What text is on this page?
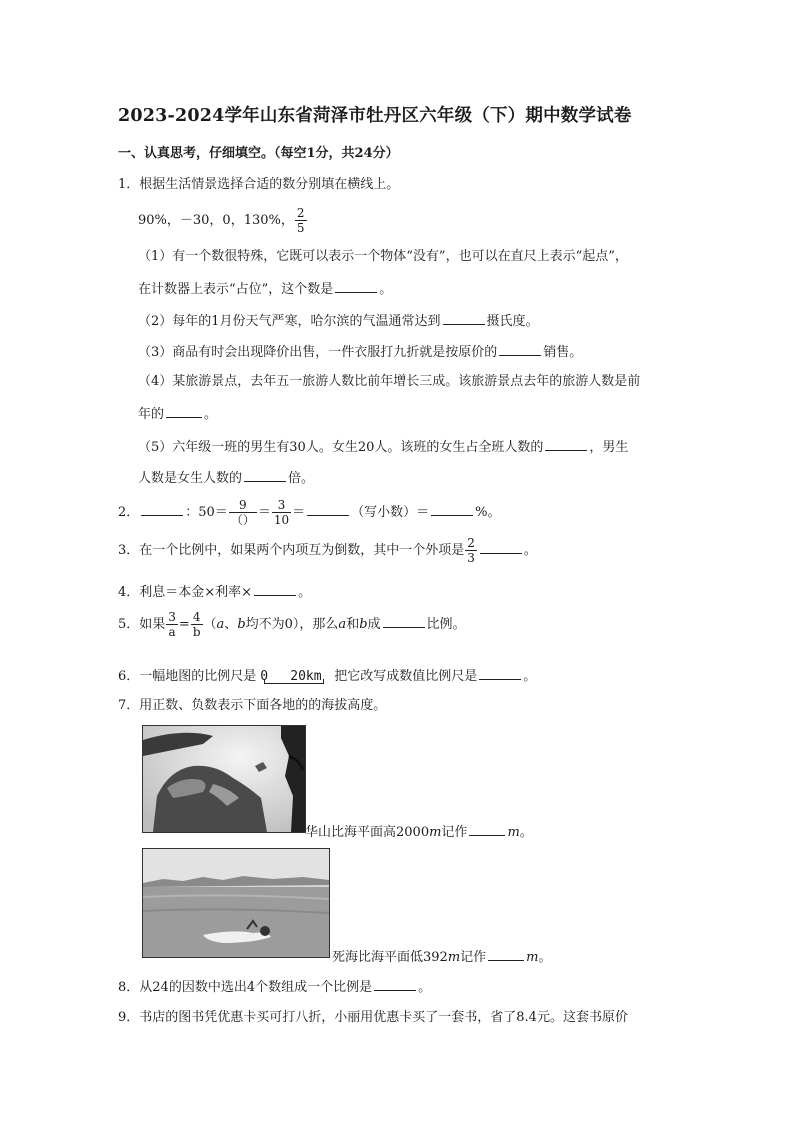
2023-2024学年山东省菏泽市牡丹区六年级（下）期中数学试卷
一、认真思考，仔细填空。（每空1分，共24分）
1．根据生活情景选择合适的数分别填在横线上。
90%，－30，0，130%， $\frac{2}{5}$
（1）有一个数很特殊，它既可以表示一个物体“没有”，也可以在直尺上表示“起点”，
在计数器上表示“占位”，这个数是	。
（2）每年的1月份天气严寒，哈尔滨的气温通常达到	摄氏度。
（3）商品有时会出现降价出售，一件衣服打九折就是按原价的	销售。
（4）某旅游景点，去年五一旅游人数比前年增长三成。该旅游景点去年的旅游人数是前
年的	。
（5）六年级一班的男生有30人。女生20人。该班的女生占全班人数的	，男生
人数是女生人数的	倍。
2．	：$50= \frac{9}{()} = \frac{3}{10}$ ＝	（写小数）＝	%。
3．在一个比例中，如果两个内项互为倒数，其中一个外项是 $\frac{2}{3}$	。
4．利息＝本金×利率×	。
5．如果 $\frac{3}{a} = \frac{4}{b} (a$、b均不为0），那么a和b成	比例。
6．一幅地图的比例尺是 0 20km 把它改写成数值比例尺是	。
7．用正数、负数表示下面各地的的海拔高度。
华山比海平面高2000m记作	m。
死海比海平面低392m记作	m。
8．从24的因数中选出4个数组成一个比例是	。
9．书店的图书凭优惠卡买可打八折，小丽用优惠卡买了一套书，省了8.4元。这套书原价
